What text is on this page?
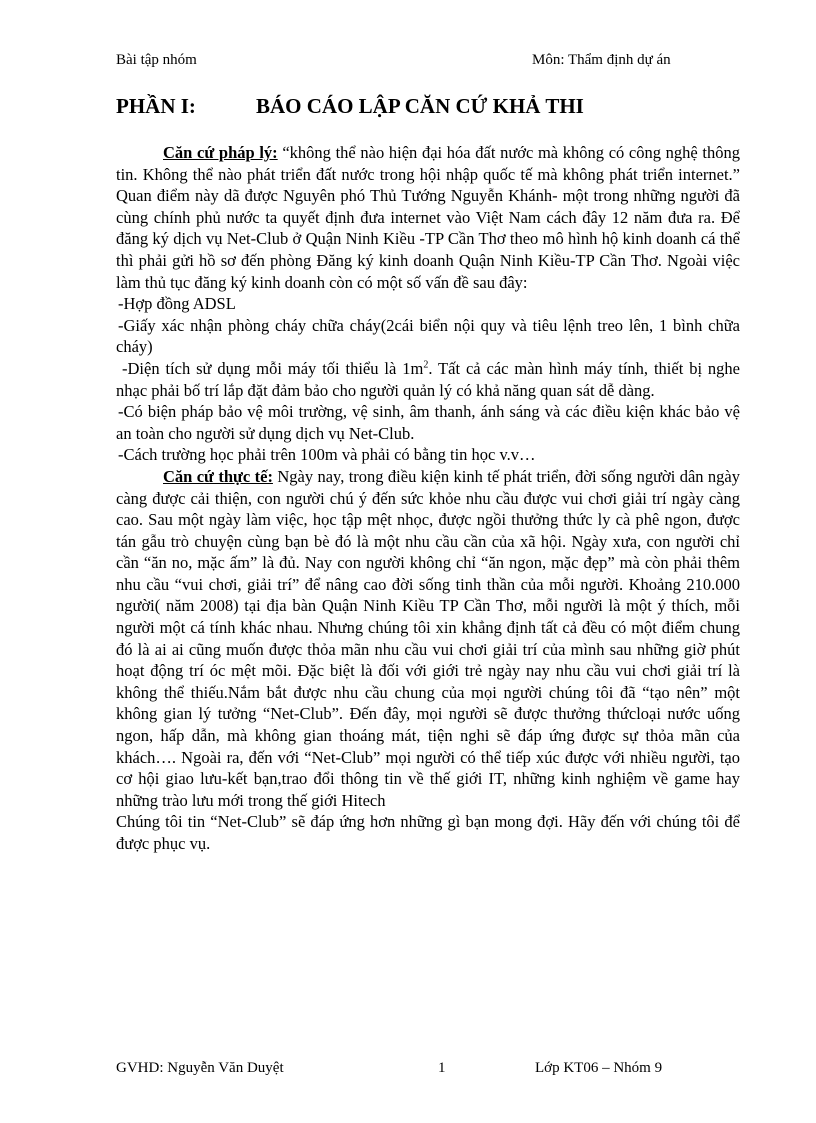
Bài tập nhóm	Môn: Thẩm định dự án
PHẦN I:	BÁO CÁO LẬP CĂN CỨ KHẢ THI

Căn cứ pháp lý: “không thể nào hiện đại hóa đất nước mà không có công nghệ thông tin. Không thể nào phát triển đất nước trong hội nhập quốc tế mà không phát triển internet.” Quan điểm này dã được Nguyên phó Thủ Tướng Nguyễn Khánh- một trong những người đã cùng chính phủ nước ta quyết định đưa internet vào Việt Nam cách đây 12 năm đưa ra. Để đăng ký dịch vụ Net-Club ở Quận Ninh Kiều -TP Cần Thơ theo mô hình hộ kinh doanh cá thể thì phải gửi hồ sơ đến phòng Đăng ký kinh doanh Quận Ninh Kiều-TP Cần Thơ. Ngoài việc làm thủ tục đăng ký kinh doanh còn có một số vấn đề sau đây:

-Hợp đồng ADSL

-Giấy xác nhận phòng cháy chữa cháy(2cái biển nội quy và tiêu lệnh treo lên, 1 bình chữa cháy)

-Diện tích sử dụng mỗi máy tối thiểu là $1m^2$. Tất cả các màn hình máy tính, thiết bị nghe nhạc phải bố trí lắp đặt đảm bảo cho người quản lý có khả năng quan sát dễ dàng.

-Có biện pháp bảo vệ môi trường, vệ sinh, âm thanh, ánh sáng và các điều kiện khác bảo vệ an toàn cho người sử dụng dịch vụ Net-Club.

-Cách trường học phải trên 100m và phải có bằng tin học v.v…

Căn cứ thực tế: Ngày nay, trong điều kiện kinh tế phát triển, đời sống người dân ngày càng được cải thiện, con người chú ý đến sức khỏe nhu cầu được vui chơi giải trí ngày càng cao. Sau một ngày làm việc, học tập mệt nhọc, được ngồi thưởng thức ly cà phê ngon, được tán gẫu trò chuyện cùng bạn bè đó là một nhu cầu cần của xã hội. Ngày xưa, con người chỉ cần “ăn no, mặc ấm” là đủ. Nay con người không chỉ “ăn ngon, mặc đẹp” mà còn phải thêm nhu cầu “vui chơi, giải trí” để nâng cao đời sống tinh thần của mỗi người. Khoảng 210.000 người( năm 2008) tại địa bàn Quận Ninh Kiều TP Cần Thơ, mỗi người là một ý thích, mỗi người một cá tính khác nhau. Nhưng chúng tôi xin khẳng định tất cả đều có một điểm chung đó là ai ai cũng muốn được thỏa mãn nhu cầu vui chơi giải trí của mình sau những giờ phút hoạt động trí óc mệt mõi. Đặc biệt là đối với giới trẻ ngày nay nhu cầu vui chơi giải trí là không thể thiếu.Nắm bắt được nhu cầu chung của mọi người chúng tôi đã “tạo nên” một không gian lý tưởng “Net-Club”. Đến đây, mọi người sẽ được thưởng thứcloại nước uống ngon, hấp dẫn, mà không gian thoáng mát, tiện nghi sẽ đáp ứng được sự thỏa mãn của khách…. Ngoài ra, đến với “Net-Club” mọi người có thể tiếp xúc được với nhiều người, tạo cơ hội giao lưu-kết bạn,trao đổi thông tin về thế giới IT, những kinh nghiệm về game hay những trào lưu mới trong thế giới Hitech

Chúng tôi tin “Net-Club” sẽ đáp ứng hơn những gì bạn mong đợi. Hãy đến với chúng tôi để được phục vụ.

GVHD: Nguyễn Văn Duyệt	1	Lớp KT06 – Nhóm 9
